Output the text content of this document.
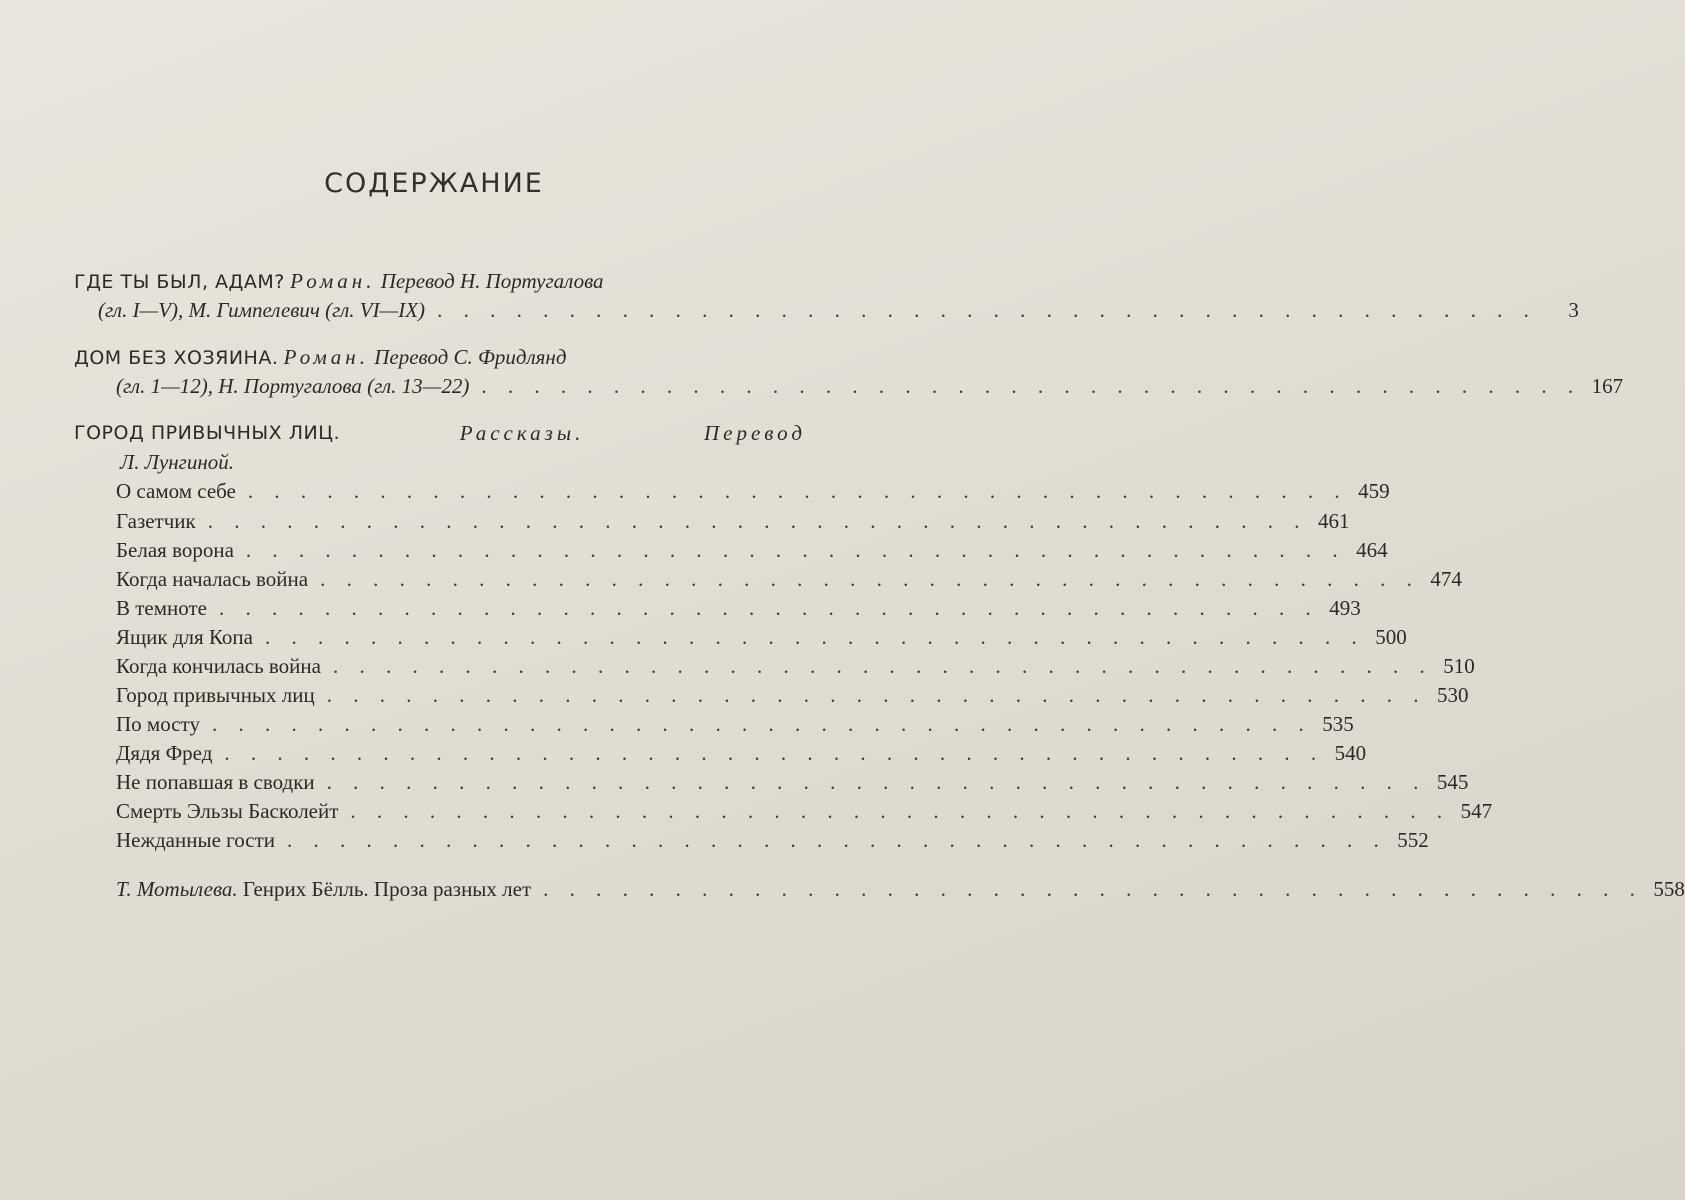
СОДЕРЖАНИЕ
ГДЕ ТЫ БЫЛ, АДАМ? Роман. Перевод Н. Португалова
(гл. I—V), М. Гимпелевич (гл. VI—IX) . . . . . . . . . . . . . . . . . . . . . . . . . . . . . . . . . . . . . . . . . .	3
ДОМ БЕЗ ХОЗЯИНА. Роман. Перевод С. Фридлянд
(гл. 1—12), Н. Португалова (гл. 13—22) . . . . . . . . . . . . . . . . . . . . . . . . . . . . . . . . . . . . . . . . . . 167
ГОРОД ПРИВЫЧНЫХ ЛИЦ.	Рассказы.	Перевод
Л. Лунгиной.
О самом себе . . . . . . . . . . . . . . . . . . . . . . . . . . . . . . . . . . . . . . . . . . 459
Газетчик . . . . . . . . . . . . . . . . . . . . . . . . . . . . . . . . . . . . . . . . . . 461
Белая ворона . . . . . . . . . . . . . . . . . . . . . . . . . . . . . . . . . . . . . . . . . . 464
Когда началась война . . . . . . . . . . . . . . . . . . . . . . . . . . . . . . . . . . . . . . . . . . 474
В темноте . . . . . . . . . . . . . . . . . . . . . . . . . . . . . . . . . . . . . . . . . . 493
Ящик для Копа . . . . . . . . . . . . . . . . . . . . . . . . . . . . . . . . . . . . . . . . . . 500
Когда кончилась война . . . . . . . . . . . . . . . . . . . . . . . . . . . . . . . . . . . . . . . . . . 510
Город привычных лиц . . . . . . . . . . . . . . . . . . . . . . . . . . . . . . . . . . . . . . . . . . 530
По мосту . . . . . . . . . . . . . . . . . . . . . . . . . . . . . . . . . . . . . . . . . . 535
Дядя Фред . . . . . . . . . . . . . . . . . . . . . . . . . . . . . . . . . . . . . . . . . . 540
Не попавшая в сводки . . . . . . . . . . . . . . . . . . . . . . . . . . . . . . . . . . . . . . . . . . 545
Смерть Эльзы Басколейт . . . . . . . . . . . . . . . . . . . . . . . . . . . . . . . . . . . . . . . . . . 547
Нежданные гости . . . . . . . . . . . . . . . . . . . . . . . . . . . . . . . . . . . . . . . . . . 552
Т. Мотылева. Генрих Бёлль. Проза разных лет . . . . . . . . . . . . . . . . . . . . . . . . . . . . . . . . . . . . . . . . . . 558
